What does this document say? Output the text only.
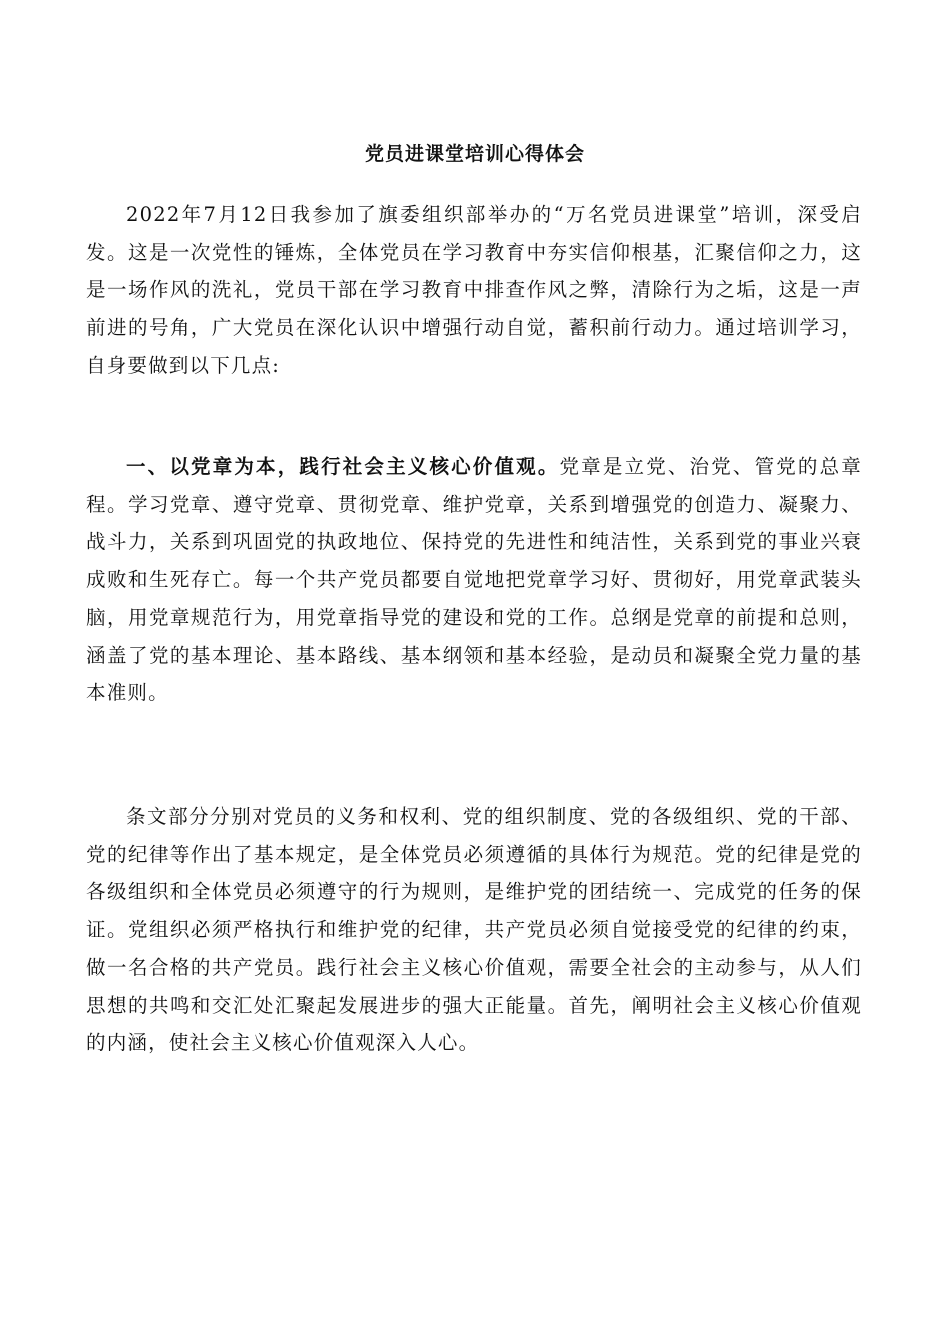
党员进课堂培训心得体会

2022年7月12日我参加了旗委组织部举办的“万名党员进课堂”培训，深受启发。这是一次党性的锤炼，全体党员在学习教育中夯实信仰根基，汇聚信仰之力，这是一场作风的洗礼，党员干部在学习教育中排查作风之弊，清除行为之垢，这是一声前进的号角，广大党员在深化认识中增强行动自觉，蓄积前行动力。通过培训学习，自身要做到以下几点:

一、以党章为本，践行社会主义核心价值观。党章是立党、治党、管党的总章程。学习党章、遵守党章、贯彻党章、维护党章，关系到增强党的创造力、凝聚力、战斗力，关系到巩固党的执政地位、保持党的先进性和纯洁性，关系到党的事业兴衰成败和生死存亡。每一个共产党员都要自觉地把党章学习好、贯彻好，用党章武装头脑，用党章规范行为，用党章指导党的建设和党的工作。总纲是党章的前提和总则，涵盖了党的基本理论、基本路线、基本纲领和基本经验，是动员和凝聚全党力量的基本准则。

条文部分分别对党员的义务和权利、党的组织制度、党的各级组织、党的干部、党的纪律等作出了基本规定，是全体党员必须遵循的具体行为规范。党的纪律是党的各级组织和全体党员必须遵守的行为规则，是维护党的团结统一、完成党的任务的保证。党组织必须严格执行和维护党的纪律，共产党员必须自觉接受党的纪律的约束，做一名合格的共产党员。践行社会主义核心价值观，需要全社会的主动参与，从人们思想的共鸣和交汇处汇聚起发展进步的强大正能量。首先，阐明社会主义核心价值观的内涵，使社会主义核心价值观深入人心。
